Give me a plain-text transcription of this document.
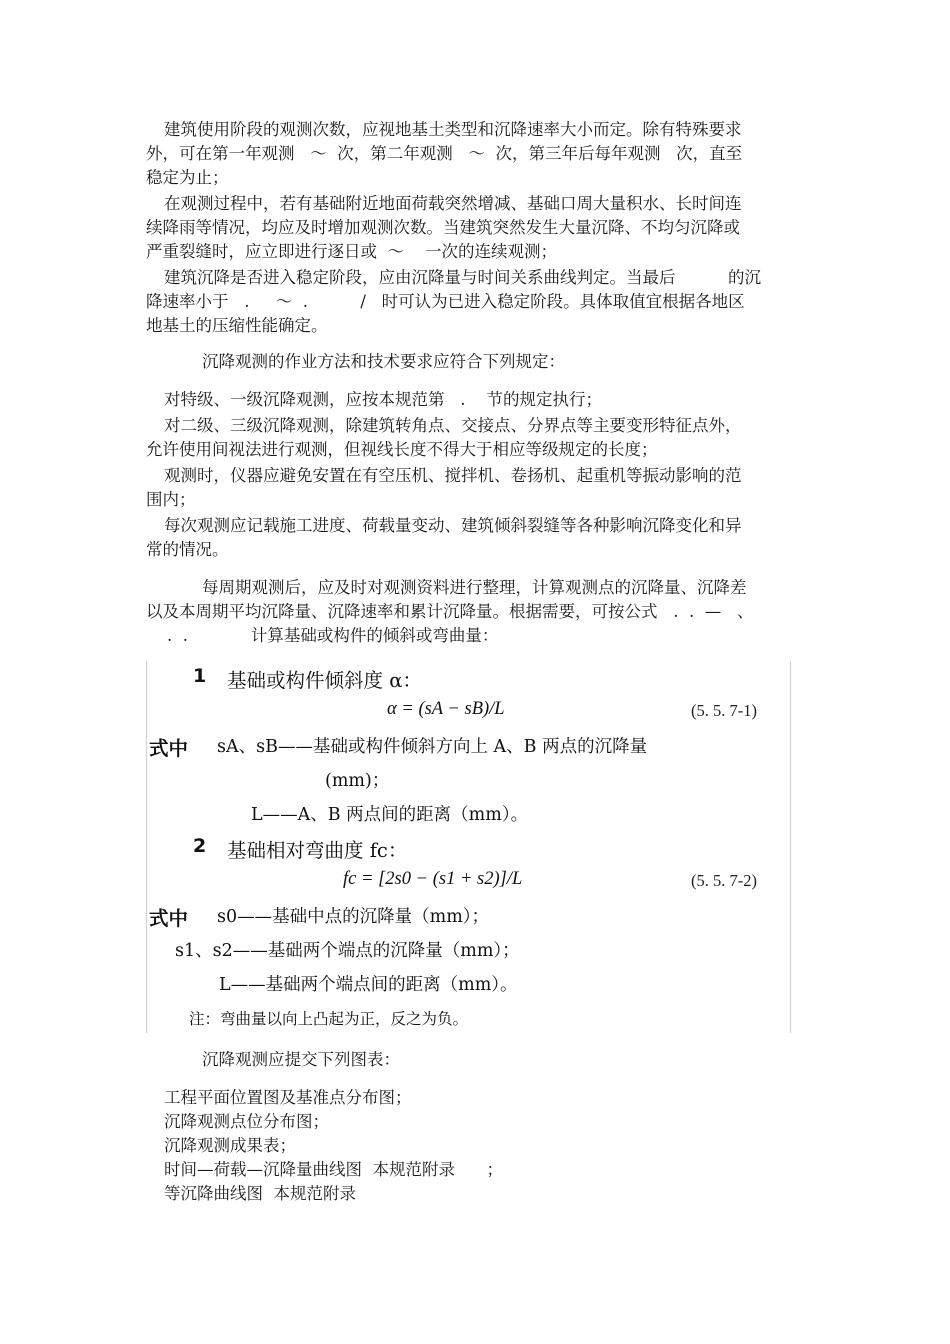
建筑使用阶段的观测次数，应视地基土类型和沉降速率大小而定。除有特殊要求
外，可在第一年观测   ～  次，第二年观测   ～  次，第三年后每年观测   次，直至
稳定为止；
在观测过程中，若有基础附近地面荷载突然增减、基础口周大量积水、长时间连
续降雨等情况，均应及时增加观测次数。当建筑突然发生大量沉降、不均匀沉降或
严重裂缝时，应立即进行逐日或  ～    一次的连续观测；
建筑沉降是否进入稳定阶段，应由沉降量与时间关系曲线判定。当最后          的沉
降速率小于   .     ～  .          /   时可认为已进入稳定阶段。具体取值宜根据各地区
地基土的压缩性能确定。
沉降观测的作业方法和技术要求应符合下列规定：
对特级、一级沉降观测，应按本规范第   .    节的规定执行；
对二级、三级沉降观测，除建筑转角点、交接点、分界点等主要变形特征点外，
允许使用间视法进行观测，但视线长度不得大于相应等级规定的长度；
观测时，仪器应避免安置在有空压机、搅拌机、卷扬机、起重机等振动影响的范
围内；
每次观测应记载施工进度、荷载量变动、建筑倾斜裂缝等各种影响沉降变化和异
常的情况。
每周期观测后，应及时对观测资料进行整理，计算观测点的沉降量、沉降差
以及本周期平均沉降量、沉降速率和累计沉降量。根据需要，可按公式   .  .  —   、
.  .            计算基础或构件的倾斜或弯曲量：
1 基础或构件倾斜度 α：
α = (sA − sB)/L	(5. 5. 7-1)
式中 sA、sB——基础或构件倾斜方向上 A、B 两点的沉降量
(mm)；
L——A、B 两点间的距离（mm）。
2 基础相对弯曲度 fc：
fc = [2s0 − (s1 + s2)]/L	(5. 5. 7-2)
式中 s0——基础中点的沉降量（mm）；
s1、s2——基础两个端点的沉降量（mm）；
L——基础两个端点间的距离（mm）。
注：弯曲量以向上凸起为正，反之为负。
沉降观测应提交下列图表：
工程平面位置图及基准点分布图；
沉降观测点位分布图；
沉降观测成果表；
时间—荷载—沉降量曲线图  本规范附录      ；
等沉降曲线图  本规范附录
